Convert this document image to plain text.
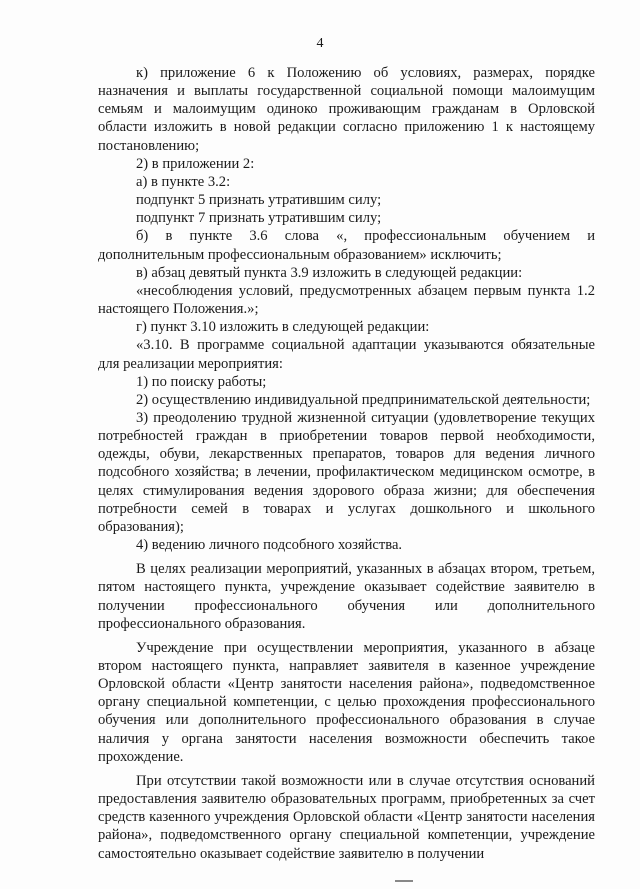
4

к) приложение 6 к Положению об условиях, размерах, порядке назначения и выплаты государственной социальной помощи малоимущим семьям и малоимущим одиноко проживающим гражданам в Орловской области изложить в новой редакции согласно приложению 1 к настоящему постановлению;

2) в приложении 2:

а) в пункте 3.2:

подпункт 5 признать утратившим силу;

подпункт 7 признать утратившим силу;

б) в пункте 3.6 слова «, профессиональным обучением и дополнительным профессиональным образованием» исключить;

в) абзац девятый пункта 3.9 изложить в следующей редакции:

«несоблюдения условий, предусмотренных абзацем первым пункта 1.2 настоящего Положения.»;

г) пункт 3.10 изложить в следующей редакции:

«3.10. В программе социальной адаптации указываются обязательные для реализации мероприятия:

1) по поиску работы;

2) осуществлению индивидуальной предпринимательской деятельности;

3) преодолению трудной жизненной ситуации (удовлетворение текущих потребностей граждан в приобретении товаров первой необходимости, одежды, обуви, лекарственных препаратов, товаров для ведения личного подсобного хозяйства; в лечении, профилактическом медицинском осмотре, в целях стимулирования ведения здорового образа жизни; для обеспечения потребности семей в товарах и услугах дошкольного и школьного образования);

4) ведению личного подсобного хозяйства.

В целях реализации мероприятий, указанных в абзацах втором, третьем, пятом настоящего пункта, учреждение оказывает содействие заявителю в получении профессионального обучения или дополнительного профессионального образования.

Учреждение при осуществлении мероприятия, указанного в абзаце втором настоящего пункта, направляет заявителя в казенное учреждение Орловской области «Центр занятости населения района», подведомственное органу специальной компетенции, с целью прохождения профессионального обучения или дополнительного профессионального образования в случае наличия у органа занятости населения возможности обеспечить такое прохождение.

При отсутствии такой возможности или в случае отсутствия оснований предоставления заявителю образовательных программ, приобретенных за счет средств казенного учреждения Орловской области «Центр занятости населения района», подведомственного органу специальной компетенции, учреждение самостоятельно оказывает содействие заявителю в получении
